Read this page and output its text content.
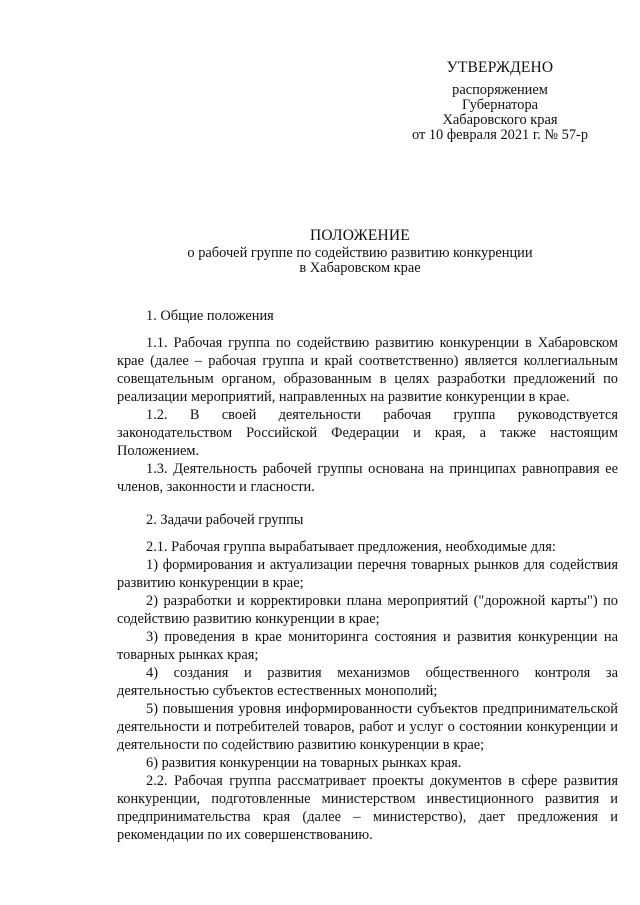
УТВЕРЖДЕНО
распоряжением
Губернатора
Хабаровского края
от 10 февраля 2021 г. № 57-р
ПОЛОЖЕНИЕ
о рабочей группе по содействию развитию конкуренции
в Хабаровском крае
1. Общие положения

1.1. Рабочая группа по содействию развитию конкуренции в Хабаровском крае (далее – рабочая группа и край соответственно) является коллегиальным совещательным органом, образованным в целях разработки предложений по реализации мероприятий, направленных на развитие конкуренции в крае.

1.2. В своей деятельности рабочая группа руководствуется законодательством Российской Федерации и края, а также настоящим Положением.

1.3. Деятельность рабочей группы основана на принципах равноправия ее членов, законности и гласности.

2. Задачи рабочей группы

2.1. Рабочая группа вырабатывает предложения, необходимые для:

1) формирования и актуализации перечня товарных рынков для содействия развитию конкуренции в крае;

2) разработки и корректировки плана мероприятий ("дорожной карты") по содействию развитию конкуренции в крае;

3) проведения в крае мониторинга состояния и развития конкуренции на товарных рынках края;

4) создания и развития механизмов общественного контроля за деятельностью субъектов естественных монополий;

5) повышения уровня информированности субъектов предпринимательской деятельности и потребителей товаров, работ и услуг о состоянии конкуренции и деятельности по содействию развитию конкуренции в крае;

6) развития конкуренции на товарных рынках края.

2.2. Рабочая группа рассматривает проекты документов в сфере развития конкуренции, подготовленные министерством инвестиционного развития и предпринимательства края (далее – министерство), дает предложения и рекомендации по их совершенствованию.
